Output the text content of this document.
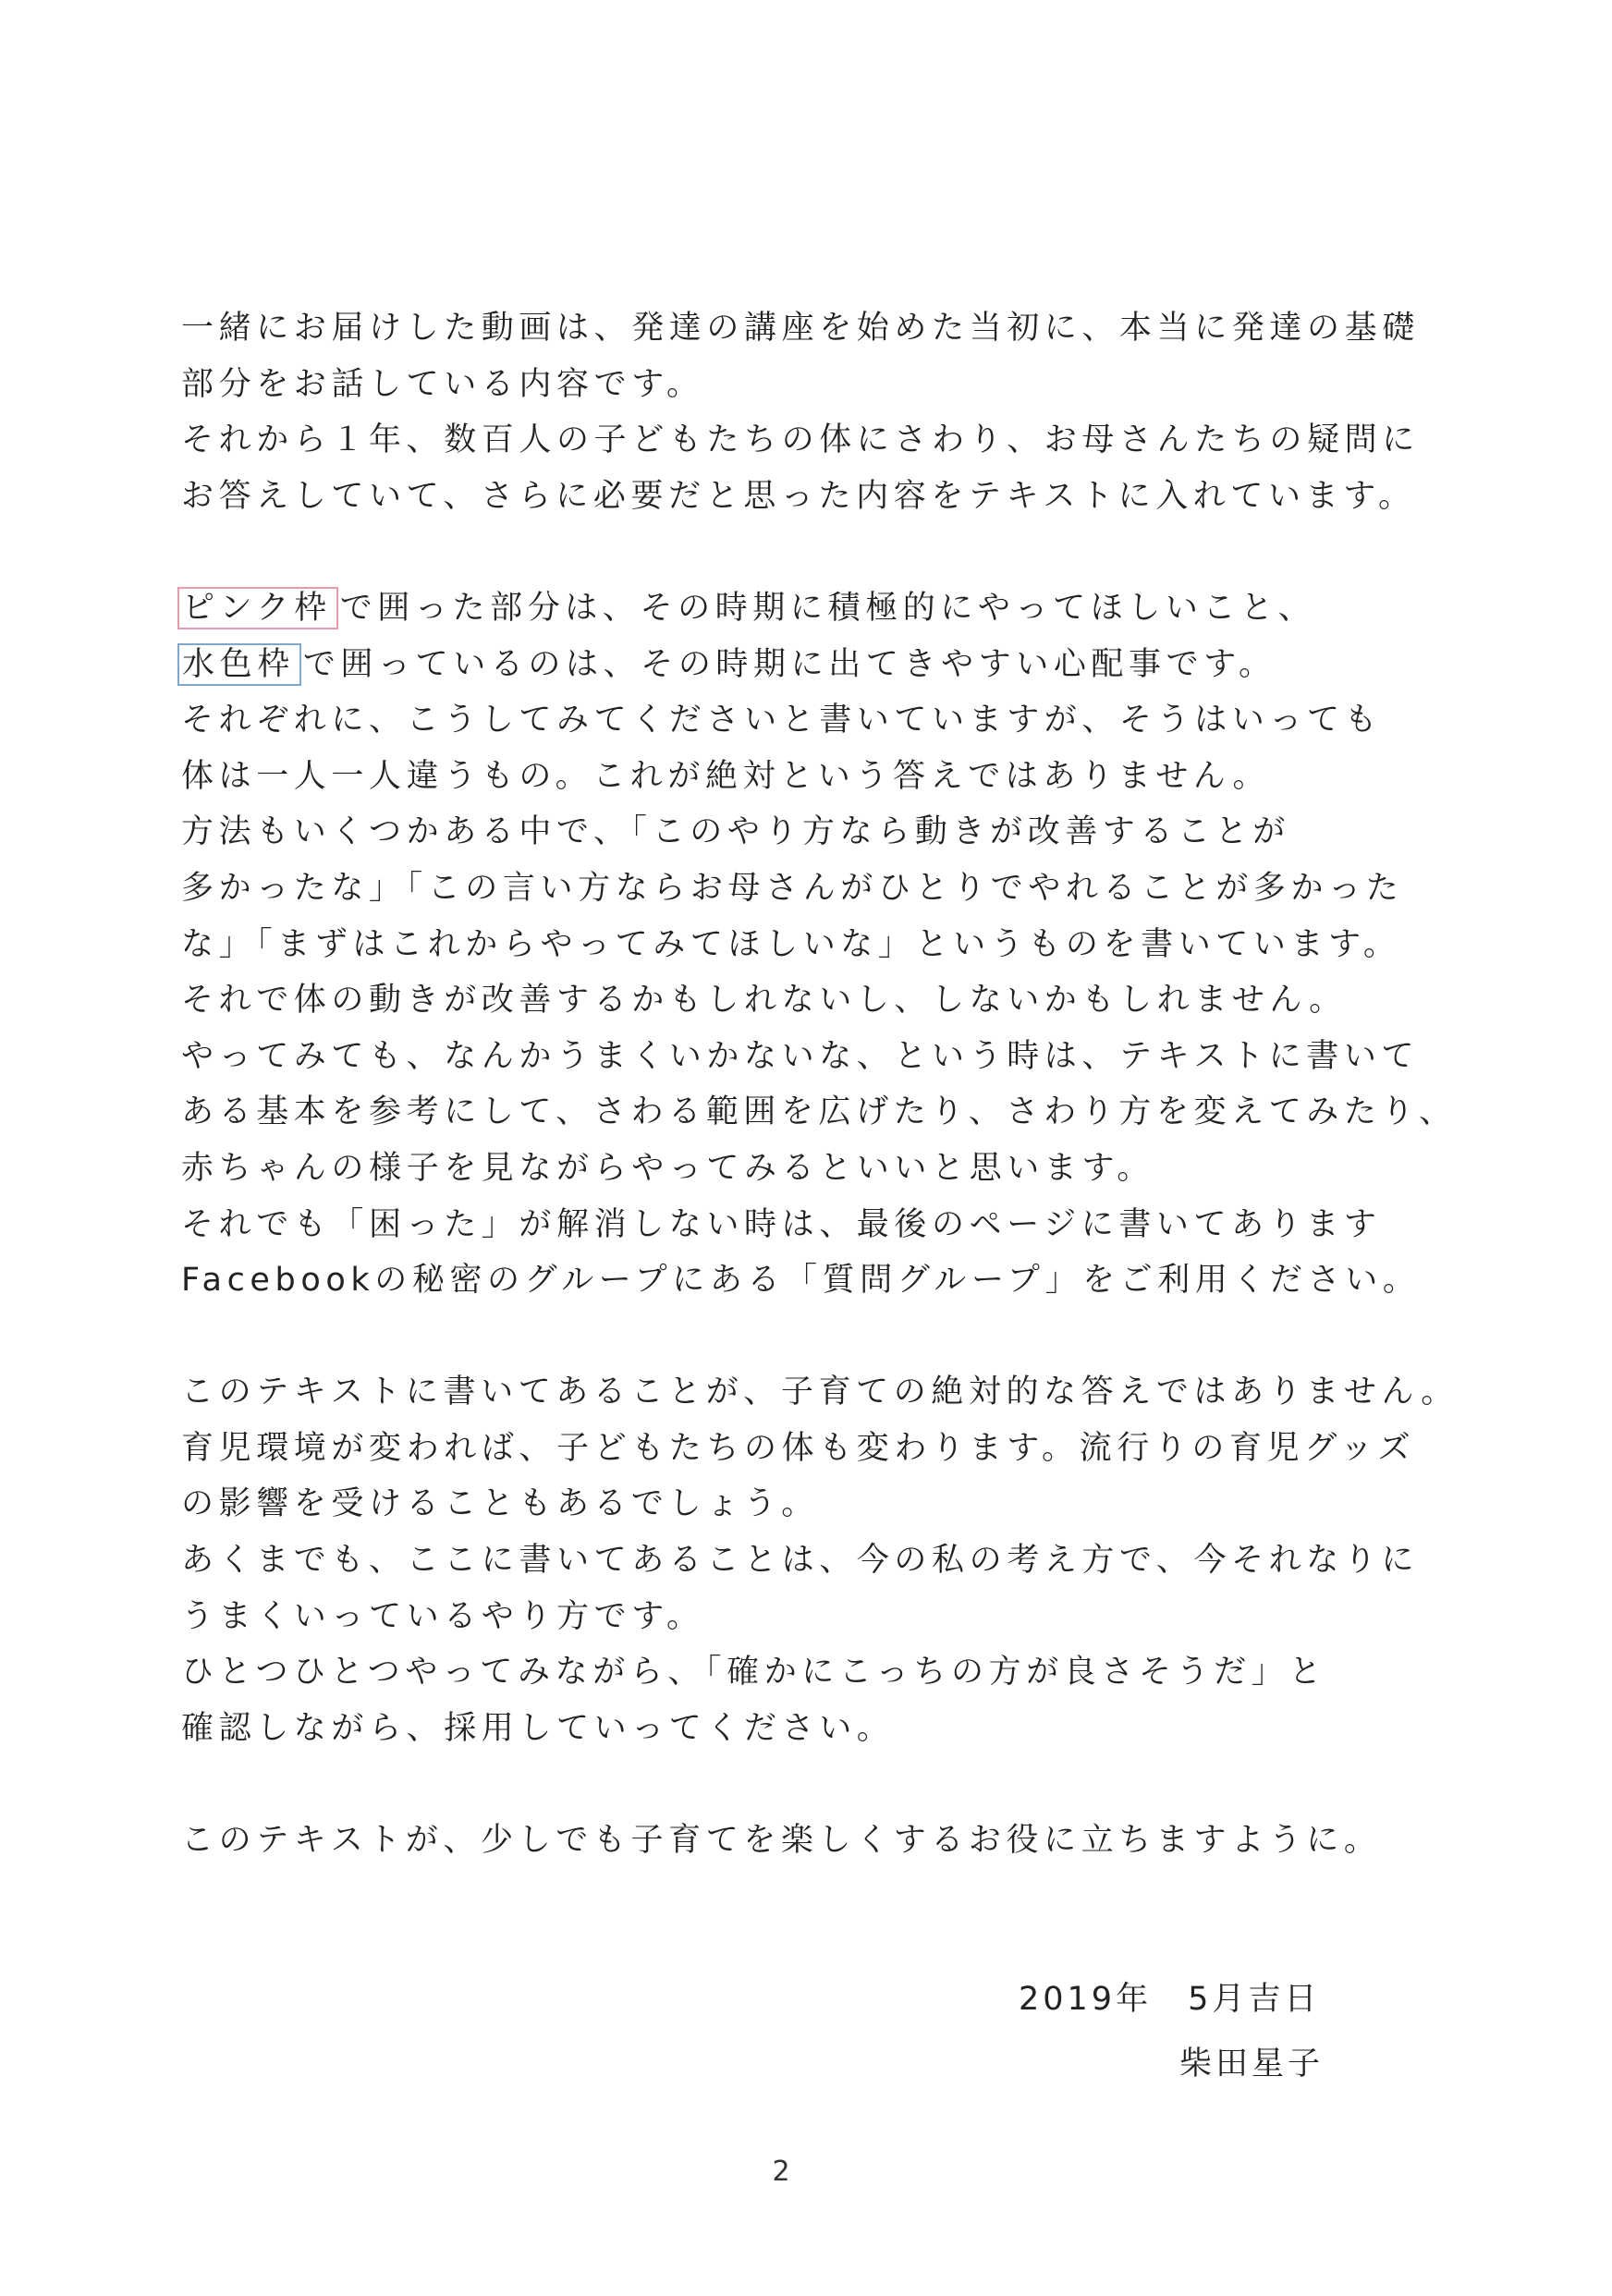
一緒にお届けした動画は、発達の講座を始めた当初に、本当に発達の基礎
部分をお話している内容です。
それから１年、数百人の子どもたちの体にさわり、お母さんたちの疑問に
お答えしていて、さらに必要だと思った内容をテキストに入れています。
ピンク枠 で囲った部分は、その時期に積極的にやってほしいこと、
水色枠 で囲っているのは、その時期に出てきやすい心配事です。
それぞれに、こうしてみてくださいと書いていますが、そうはいっても
体は一人一人違うもの。これが絶対という答えではありません。
方法もいくつかある中で、「このやり方なら動きが改善することが
多かったな」「この言い方ならお母さんがひとりでやれることが多かった
な」「まずはこれからやってみてほしいな」というものを書いています。
それで体の動きが改善するかもしれないし、しないかもしれません。
やってみても、なんかうまくいかないな、という時は、テキストに書いて
ある基本を参考にして、さわる範囲を広げたり、さわり方を変えてみたり、
赤ちゃんの様子を見ながらやってみるといいと思います。
それでも「困った」が解消しない時は、最後のページに書いてあります
Facebookの秘密のグループにある「質問グループ」をご利用ください。
このテキストに書いてあることが、子育ての絶対的な答えではありません。
育児環境が変われば、子どもたちの体も変わります。流行りの育児グッズ
の影響を受けることもあるでしょう。
あくまでも、ここに書いてあることは、今の私の考え方で、今それなりに
うまくいっているやり方です。
ひとつひとつやってみながら、「確かにこっちの方が良さそうだ」と
確認しながら、採用していってください。
このテキストが、少しでも子育てを楽しくするお役に立ちますように。
2019年　5月吉日
柴田星子
2
